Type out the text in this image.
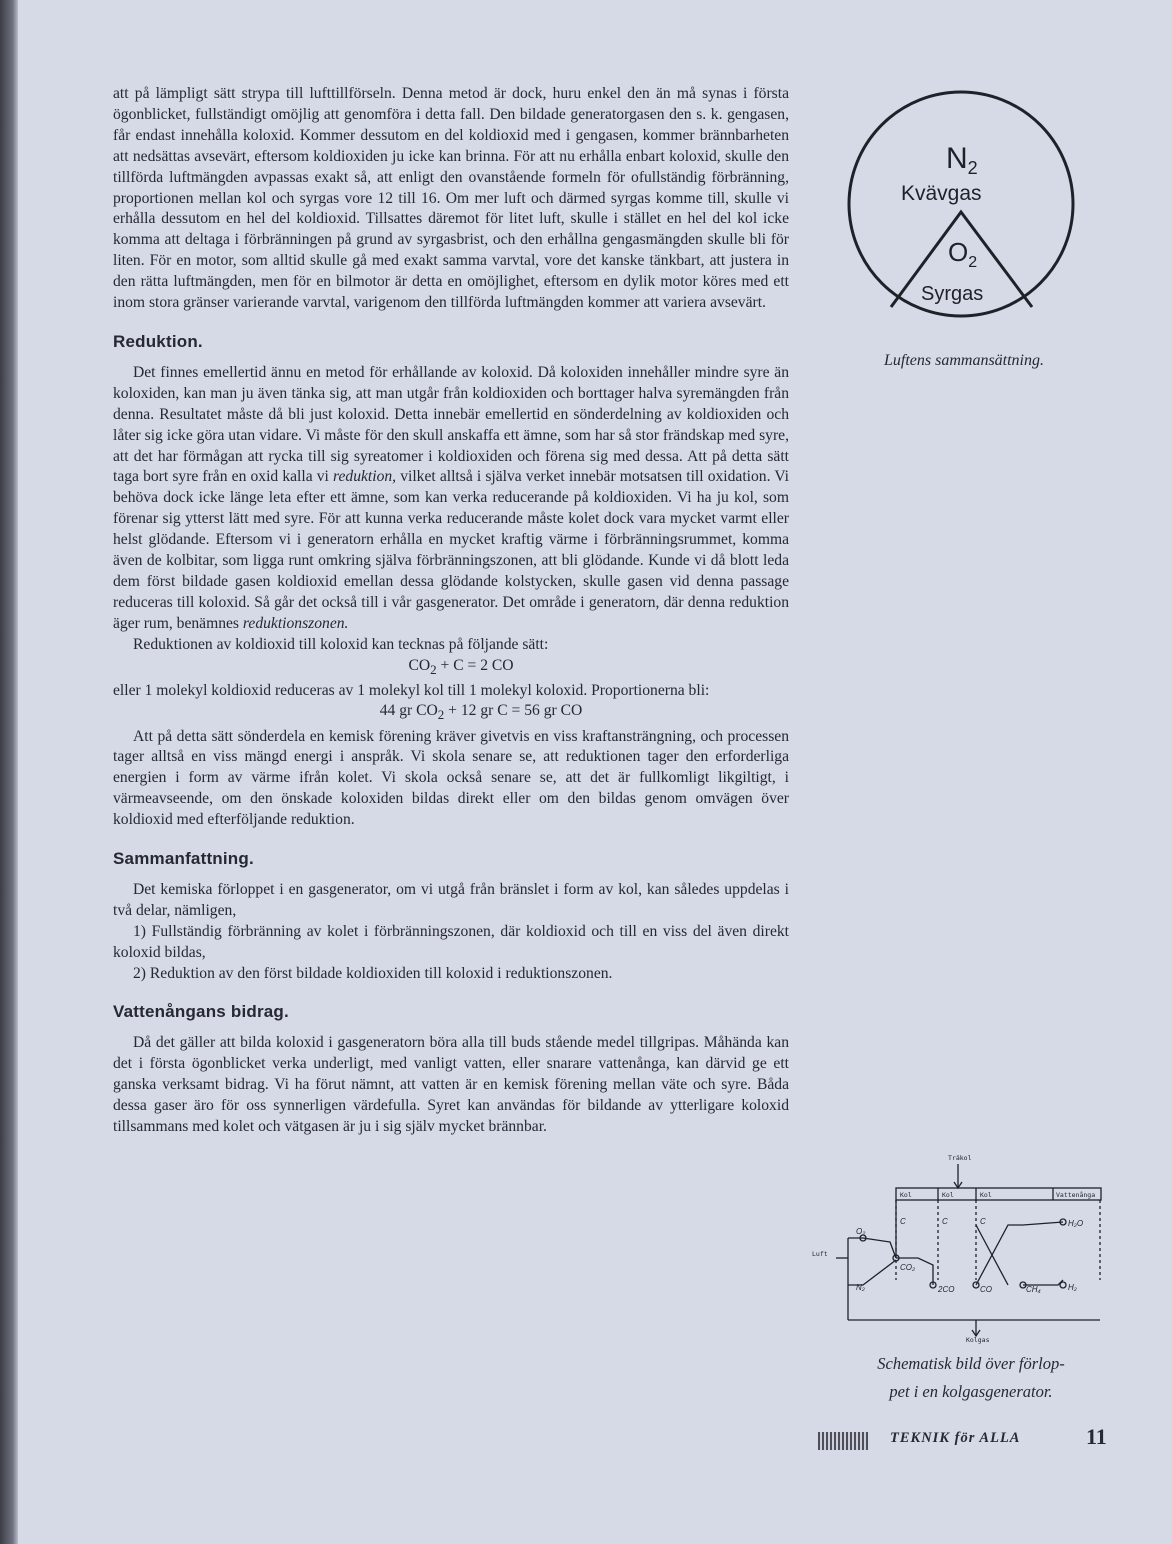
att på lämpligt sätt strypa till lufttillförseln. Denna metod är dock, huru enkel den än må synas i första ögonblicket, fullständigt omöjlig att genomföra i detta fall. Den bildade generatorgasen den s. k. gengasen, får endast innehålla koloxid. Kommer dessutom en del koldioxid med i gengasen, kommer brännbarheten att nedsättas avsevärt, eftersom koldioxiden ju icke kan brinna. För att nu erhålla enbart koloxid, skulle den tillförda luftmängden avpassas exakt så, att enligt den ovanstående formeln för ofullständig förbränning, proportionen mellan kol och syrgas vore 12 till 16. Om mer luft och därmed syrgas komme till, skulle vi erhålla dessutom en hel del koldioxid. Tillsattes däremot för litet luft, skulle i stället en hel del kol icke komma att deltaga i förbränningen på grund av syrgasbrist, och den erhållna gengasmängden skulle bli för liten. För en motor, som alltid skulle gå med exakt samma varvtal, vore det kanske tänkbart, att justera in den rätta luftmängden, men för en bilmotor är detta en omöjlighet, eftersom en dylik motor köres med ett inom stora gränser varierande varvtal, varigenom den tillförda luftmängden kommer att variera avsevärt.

Reduktion.

Det finnes emellertid ännu en metod för erhållande av koloxid. Då koloxiden innehåller mindre syre än koloxiden, kan man ju även tänka sig, att man utgår från koldioxiden och borttager halva syremängden från denna. Resultatet måste då bli just koloxid. Detta innebär emellertid en sönderdelning av koldioxiden och låter sig icke göra utan vidare. Vi måste för den skull anskaffa ett ämne, som har så stor frändskap med syre, att det har förmågan att rycka till sig syreatomer i koldioxiden och förena sig med dessa. Att på detta sätt taga bort syre från en oxid kalla vi reduktion, vilket alltså i själva verket innebär motsatsen till oxidation. Vi behöva dock icke länge leta efter ett ämne, som kan verka reducerande på koldioxiden. Vi ha ju kol, som förenar sig ytterst lätt med syre. För att kunna verka reducerande måste kolet dock vara mycket varmt eller helst glödande. Eftersom vi i generatorn erhålla en mycket kraftig värme i förbränningsrummet, komma även de kolbitar, som ligga runt omkring själva förbränningszonen, att bli glödande. Kunde vi då blott leda dem först bildade gasen koldioxid emellan dessa glödande kolstycken, skulle gasen vid denna passage reduceras till koloxid. Så går det också till i vår gasgenerator. Det område i generatorn, där denna reduktion äger rum, benämnes reduktionszonen.

Reduktionen av koldioxid till koloxid kan tecknas på följande sätt:

$CO_2 + C = 2$ CO

eller 1 molekyl koldioxid reduceras av 1 molekyl kol till 1 molekyl koloxid. Proportionerna bli:

44 gr $CO_2 + 12$ gr C = 56 gr CO

Att på detta sätt sönderdela en kemisk förening kräver givetvis en viss kraftansträngning, och processen tager alltså en viss mängd energi i anspråk. Vi skola senare se, att reduktionen tager den erforderliga energien i form av värme ifrån kolet. Vi skola också senare se, att det är fullkomligt likgiltigt, i värmeavseende, om den önskade koloxiden bildas direkt eller om den bildas genom omvägen över koldioxid med efterföljande reduktion.

Sammanfattning.

Det kemiska förloppet i en gasgenerator, om vi utgå från bränslet i form av kol, kan således uppdelas i två delar, nämligen,

1) Fullständig förbränning av kolet i förbränningszonen, där koldioxid och till en viss del även direkt koloxid bildas,

2) Reduktion av den först bildade koldioxiden till koloxid i reduktionszonen.

Vattenångans bidrag.

Då det gäller att bilda koloxid i gasgeneratorn böra alla till buds stående medel tillgripas. Måhända kan det i första ögonblicket verka underligt, med vanligt vatten, eller snarare vattenånga, kan därvid ge ett ganska verksamt bidrag. Vi ha förut nämnt, att vatten är en kemisk förening mellan väte och syre. Båda dessa gaser äro för oss synnerligen värdefulla. Syret kan användas för bildande av ytterligare koloxid tillsammans med kolet och vätgasen är ju i sig själv mycket brännbar.

$N_2$
Kvävgas
$O_2$
Syrgas
Luftens sammansättning.
Träkol
Kol	Kol	Kol	Vattenånga
Luft
Kolgas
O₂
C	C	C
CO₂
N₂	2CO	CO	CH₄
H₂O
H₂
Schematisk bild över förlop-
pet i en kolgasgenerator.
TEKNIK för ALLA	11
